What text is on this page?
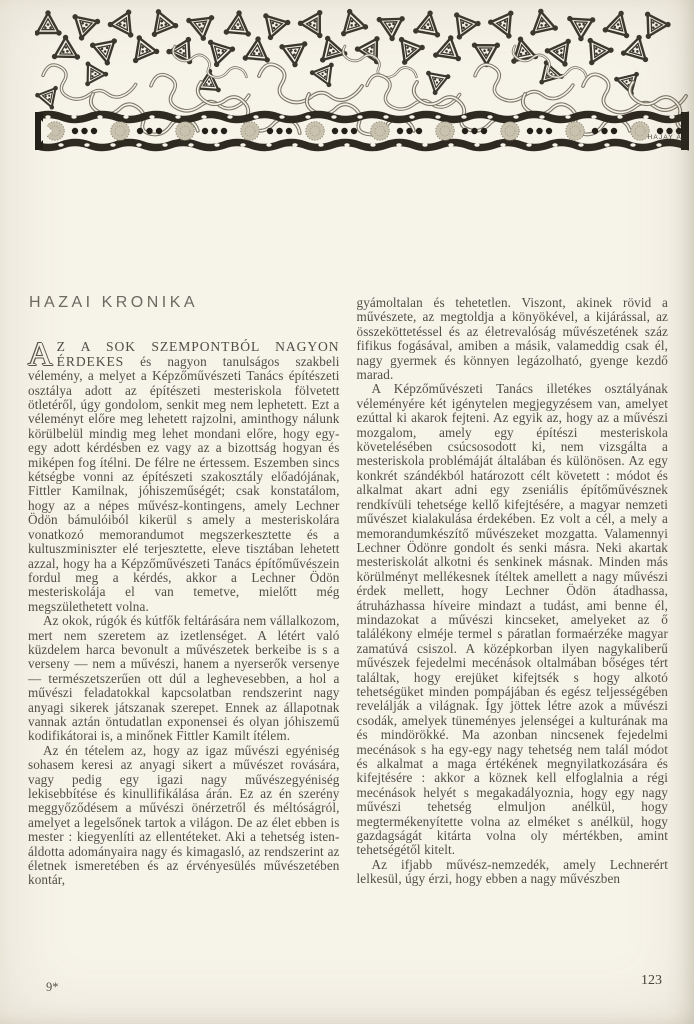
HAJAY A.
HAZAI KRONIKA

A Z A SOK SZEMPONTBÓL NAGYON ÉRDEKES és nagyon tanulságos szakbeli vélemény, a melyet a Képzőművészeti Tanács építészeti osztálya adott az építészeti mesteriskola fölvetett ötletéről, úgy gondolom, senkit meg nem lephetett. Ezt a véleményt előre meg lehetett rajzolni, aminthogy nálunk körülbelül mindig meg lehet mondani előre, hogy egy-egy adott kérdésben ez vagy az a bizottság hogyan és miképen fog ítélni. De félre ne értessem. Eszemben sincs kétségbe vonni az építészeti szakosztály előadójának, Fittler Kamilnak, jóhiszeműségét; csak konstatálom, hogy az a népes művész-kontingens, amely Lechner Ödön bámulóiból kikerül s amely a mesteriskolára vonatkozó memorandumot megszerkesztette és a kultuszminiszter elé terjesztette, eleve tisztában lehetett azzal, hogy ha a Képzőművészeti Tanács építőművészein fordul meg a kérdés, akkor a Lechner Ödön mesteriskolája el van temetve, mielőtt még megszülethetett volna.

Az okok, rúgók és kútfők feltárására nem vállalkozom, mert nem szeretem az izetlenséget. A létért való küzdelem harca bevonult a művészetek berkeibe is s a verseny — nem a művészi, hanem a nyerserők versenye — természetszerűen ott dúl a leghevesebben, a hol a művészi feladatokkal kapcsolatban rendszerint nagy anyagi sikerek játszanak szerepet. Ennek az állapotnak vannak aztán öntudatlan exponensei és olyan jóhiszemű kodifikátorai is, a minőnek Fittler Kamilt ítélem.

Az én tételem az, hogy az igaz művészi egyéniség sohasem keresi az anyagi sikert a művészet rovására, vagy pedig egy igazi nagy művészegyéniség lekisebbítése és kinullifikálása árán. Ez az én szerény meggyőződésem a művészi önérzetről és méltóságról, amelyet a legelsőnek tartok a világon. De az élet ebben is mester : kiegyenlíti az ellentéteket. Aki a tehetség isten-áldotta adományaira nagy és kimagasló, az rendszerint az életnek ismeretében és az érvényesülés művészetében kontár,

gyámoltalan és tehetetlen. Viszont, akinek rövid a művészete, az megtoldja a könyökével, a kijárással, az összeköttetéssel és az életrevalóság művészetének száz fifikus fogásával, amiben a másik, valameddig csak él, nagy gyermek és könnyen legázolható, gyenge kezdő marad.

A Képzőművészeti Tanács illetékes osztályának véleményére két igénytelen megjegyzésem van, amelyet ezúttal ki akarok fejteni. Az egyik az, hogy az a művészi mozgalom, amely egy építészi mesteriskola követelésében csúcsosodott ki, nem vizsgálta a mesteriskola problémáját általában és különösen. Az egy konkrét szándékból határozott célt követett : módot és alkalmat akart adni egy zseniális építőművésznek rendkívüli tehetsége kellő kifejtésére, a magyar nemzeti művészet kialakulása érdekében. Ez volt a cél, a mely a memorandumkészítő művészeket mozgatta. Valamennyi Lechner Ödönre gondolt és senki másra. Neki akartak mesteriskolát alkotni és senkinek másnak. Minden más körülményt mellékesnek ítéltek amellett a nagy művészi érdek mellett, hogy Lechner Ödön átadhassa, átruházhassa híveire mindazt a tudást, ami benne él, mindazokat a művészi kincseket, amelyeket az ő találékony elméje termel s páratlan formaérzéke magyar zamatúvá csiszol. A középkorban ilyen nagykaliberű művészek fejedelmi mecénások oltalmában bőséges tért találtak, hogy erejüket kifejtsék s hogy alkotó tehetségüket minden pompájában és egész teljességében revelálják a világnak. Így jöttek létre azok a művészi csodák, amelyek tüneményes jelenségei a kulturának ma és mindörökké. Ma azonban nincsenek fejedelmi mecénások s ha egy-egy nagy tehetség nem talál módot és alkalmat a maga értékének megnyilatkozására és kifejtésére : akkor a köznek kell elfoglalnia a régi mecénások helyét s megakadályoznia, hogy egy nagy művészi tehetség elmuljon anélkül, hogy megtermékenyítette volna az elméket s anélkül, hogy gazdagságát kitárta volna oly mértékben, amint tehetségétől kitelt.

Az ifjabb művész-nemzedék, amely Lechnerért lelkesül, úgy érzi, hogy ebben a nagy művészben

9*	123
